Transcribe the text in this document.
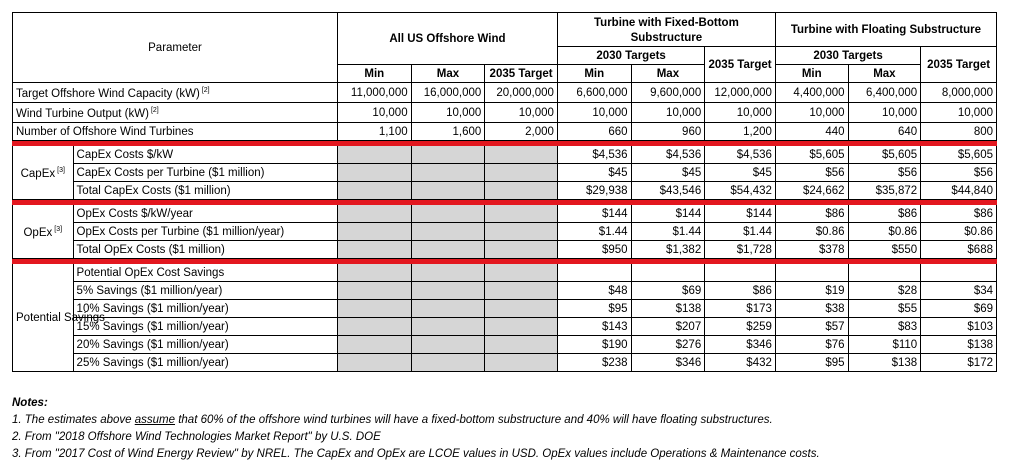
Parameter		All US Offshore Wind			Turbine with Fixed-Bottom Substructure			Turbine with Floating Substructure		
					2030 Targets		2035 Target	2030 Targets		2035 Target
		Min	Max	2035 Target	Min	Max		Min	Max	
Target Offshore Wind Capacity (kW) [2]		11,000,000	16,000,000	20,000,000	6,600,000	9,600,000	12,000,000	4,400,000	6,400,000	8,000,000
Wind Turbine Output (kW) [2]		10,000	10,000	10,000	10,000	10,000	10,000	10,000	10,000	10,000
Number of Offshore Wind Turbines		1,100	1,600	2,000	660	960	1,200	440	640	800

CapEx [3]	CapEx Costs $/kW				$4,536	$4,536	$4,536	$5,605	$5,605	$5,605
	CapEx Costs per Turbine ($1 million)				$45	$45	$45	$56	$56	$56
	Total CapEx Costs ($1 million)				$29,938	$43,546	$54,432	$24,662	$35,872	$44,840

OpEx [3]	OpEx Costs $/kW/year				$144	$144	$144	$86	$86	$86
	OpEx Costs per Turbine ($1 million/year)				$1.44	$1.44	$1.44	$0.86	$0.86	$0.86
	Total OpEx Costs ($1 million)				$950	$1,382	$1,728	$378	$550	$688

Potential Savings	Potential OpEx Cost Savings									
	5% Savings ($1 million/year)				$48	$69	$86	$19	$28	$34
	10% Savings ($1 million/year)				$95	$138	$173	$38	$55	$69
	15% Savings ($1 million/year)				$143	$207	$259	$57	$83	$103
	20% Savings ($1 million/year)				$190	$276	$346	$76	$110	$138
	25% Savings ($1 million/year)				$238	$346	$432	$95	$138	$172
Notes:
1. The estimates above assume that 60% of the offshore wind turbines will have a fixed-bottom substructure and 40% will have floating substructures.
2. From "2018 Offshore Wind Technologies Market Report" by U.S. DOE
3. From "2017 Cost of Wind Energy Review" by NREL. The CapEx and OpEx are LCOE values in USD. OpEx values include Operations & Maintenance costs.
